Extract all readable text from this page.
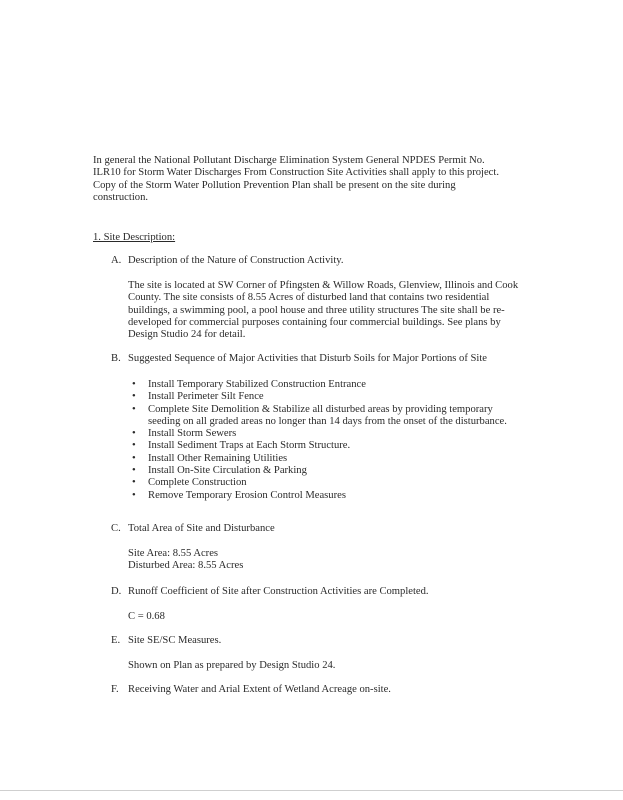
In general the National Pollutant Discharge Elimination System General NPDES Permit No.
ILR10 for Storm Water Discharges From Construction Site Activities shall apply to this project.
Copy of the Storm Water Pollution Prevention Plan shall be present on the site during
construction.
1. Site Description:
A. Description of the Nature of Construction Activity.
The site is located at SW Corner of Pfingsten & Willow Roads, Glenview, Illinois and Cook
County. The site consists of 8.55 Acres of disturbed land that contains two residential
buildings, a swimming pool, a pool house and three utility structures The site shall be re-
developed for commercial purposes containing four commercial buildings. See plans by
Design Studio 24 for detail.
B. Suggested Sequence of Major Activities that Disturb Soils for Major Portions of Site
• Install Temporary Stabilized Construction Entrance
• Install Perimeter Silt Fence
• Complete Site Demolition & Stabilize all disturbed areas by providing temporary
seeding on all graded areas no longer than 14 days from the onset of the disturbance.
• Install Storm Sewers
• Install Sediment Traps at Each Storm Structure.
• Install Other Remaining Utilities
• Install On-Site Circulation & Parking
• Complete Construction
• Remove Temporary Erosion Control Measures
C. Total Area of Site and Disturbance
Site Area: 8.55 Acres
Disturbed Area: 8.55 Acres
D. Runoff Coefficient of Site after Construction Activities are Completed.
C = 0.68
E. Site SE/SC Measures.
Shown on Plan as prepared by Design Studio 24.
F. Receiving Water and Arial Extent of Wetland Acreage on-site.
